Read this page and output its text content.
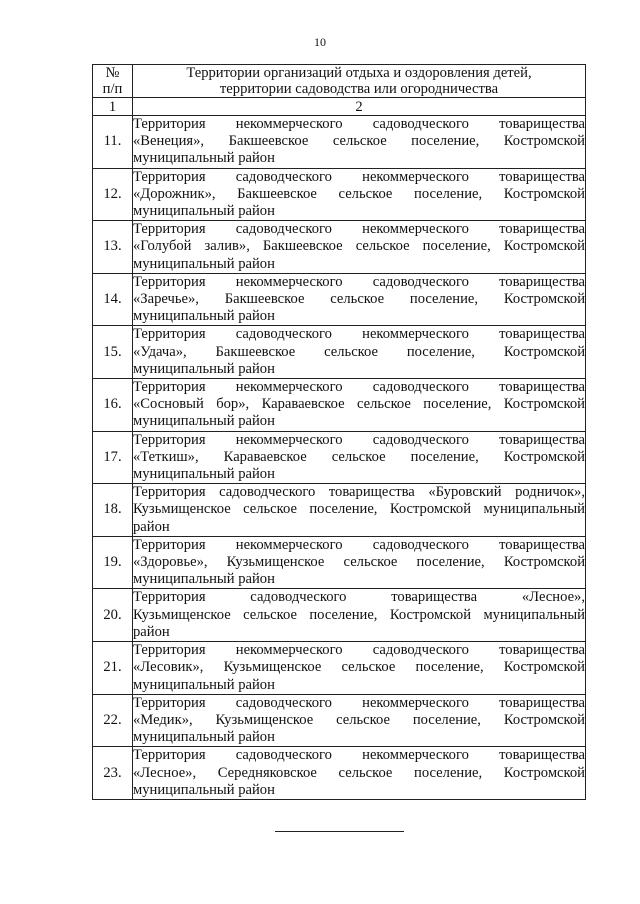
10
№
п/п	Территории организаций отдыха и оздоровления детей,
территории садоводства или огородничества

1	2
11.	Территория некоммерческого садоводческого товарищества
«Венеция», Бакшеевское сельское поселение, Костромской
муниципальный район

12.	Территория садоводческого некоммерческого товарищества
«Дорожник», Бакшеевское сельское поселение, Костромской
муниципальный район

13.	Территория садоводческого некоммерческого товарищества
«Голубой залив», Бакшеевское сельское поселение, Костромской
муниципальный район

14.	Территория некоммерческого садоводческого товарищества
«Заречье», Бакшеевское сельское поселение, Костромской
муниципальный район

15.	Территория садоводческого некоммерческого товарищества
«Удача», Бакшеевское сельское поселение, Костромской
муниципальный район

16.	Территория некоммерческого садоводческого товарищества
«Сосновый бор», Караваевское сельское поселение, Костромской
муниципальный район

17.	Территория некоммерческого садоводческого товарищества
«Теткиш», Караваевское сельское поселение, Костромской
муниципальный район

18.	Территория садоводческого товарищества «Буровский родничок»,
Кузьмищенское сельское поселение, Костромской муниципальный
район

19.	Территория некоммерческого садоводческого товарищества
«Здоровье», Кузьмищенское сельское поселение, Костромской
муниципальный район

20.	Территория садоводческого товарищества «Лесное»,
Кузьмищенское сельское поселение, Костромской муниципальный
район

21.	Территория некоммерческого садоводческого товарищества
«Лесовик», Кузьмищенское сельское поселение, Костромской
муниципальный район

22.	Территория садоводческого некоммерческого товарищества
«Медик», Кузьмищенское сельское поселение, Костромской
муниципальный район

23.	Территория садоводческого некоммерческого товарищества
«Лесное», Середняковское сельское поселение, Костромской
муниципальный район
